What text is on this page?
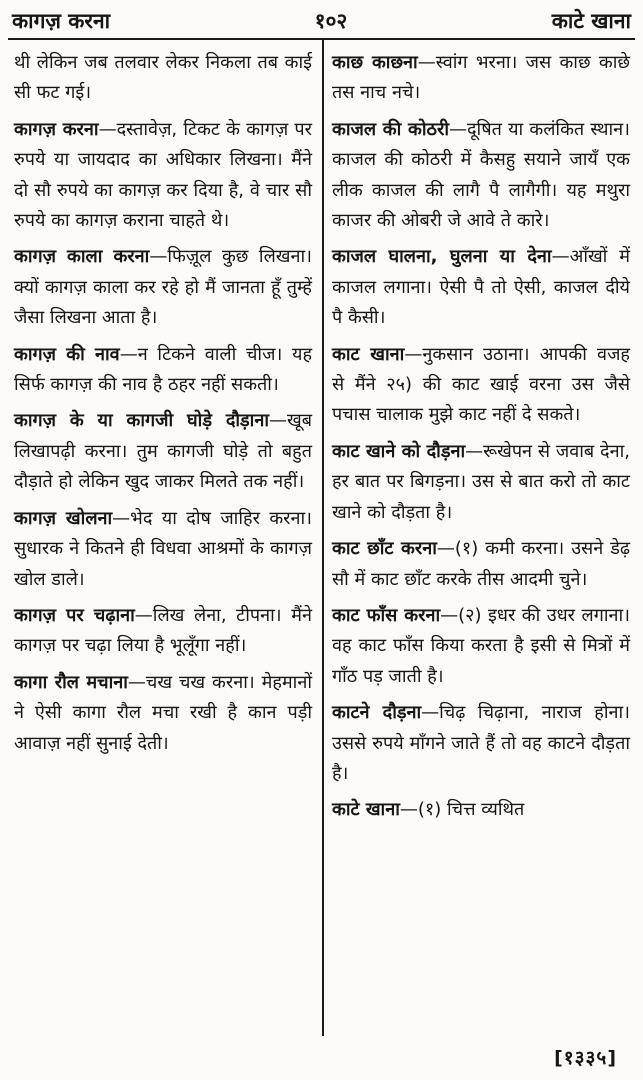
कागज़ करना	१०२	काटे खाना

थी लेकिन जब तलवार लेकर निकला तब काई सी फट गई।

कागज़ करना—दस्तावेज़, टिकट के कागज़ पर रुपये या जायदाद का अधिकार लिखना। मैंने दो सौ रुपये का कागज़ कर दिया है, वे चार सौ रुपये का कागज़ कराना चाहते थे।

कागज़ काला करना—फिज़ूल कुछ लिखना। क्यों कागज़ काला कर रहे हो मैं जानता हूँ तुम्हें जैसा लिखना आता है।

कागज़ की नाव—न टिकने वाली चीज। यह सिर्फ कागज़ की नाव है ठहर नहीं सकती।

कागज़ के या कागजी घोड़े दौड़ाना—खूब लिखापढ़ी करना। तुम कागजी घोड़े तो बहुत दौड़ाते हो लेकिन खुद जाकर मिलते तक नहीं।

कागज़ खोलना—भेद या दोष जाहिर करना। सुधारक ने कितने ही विधवा आश्रमों के कागज़ खोल डाले।

कागज़ पर चढ़ाना—लिख लेना, टीपना। मैंने कागज़ पर चढ़ा लिया है भूलूँगा नहीं।

कागा रौल मचाना—चख चख करना। मेहमानों ने ऐसी कागा रौल मचा रखी है कान पड़ी आवाज़ नहीं सुनाई देती।

काछ काछना—स्वांग भरना। जस काछ काछे तस नाच नचे।

काजल की कोठरी—दूषित या कलंकित स्थान। काजल की कोठरी में कैसहु सयाने जायँ एक लीक काजल की लागै पै लागैगी। यह मथुरा काजर की ओबरी जे आवे ते कारे।

काजल घालना, घुलना या देना—आँखों में काजल लगाना। ऐसी पै तो ऐसी, काजल दीये पै कैसी।

काट खाना—नुकसान उठाना। आपकी वजह से मैंने २५) की काट खाई वरना उस जैसे पचास चालाक मुझे काट नहीं दे सकते।

काट खाने को दौड़ना—रूखेपन से जवाब देना, हर बात पर बिगड़ना। उस से बात करो तो काट खाने को दौड़ता है।

काट छाँट करना—(१) कमी करना। उसने डेढ़ सौ में काट छाँट करके तीस आदमी चुने।

काट फाँस करना—(२) इधर की उधर लगाना। वह काट फाँस किया करता है इसी से मित्रों में गाँठ पड़ जाती है।

काटने दौड़ना—चिढ़ चिढ़ाना, नाराज होना। उससे रुपये माँगने जाते हैं तो वह काटने दौड़ता है।

काटे खाना—(१) चित्त व्यथित

[१३३५]
